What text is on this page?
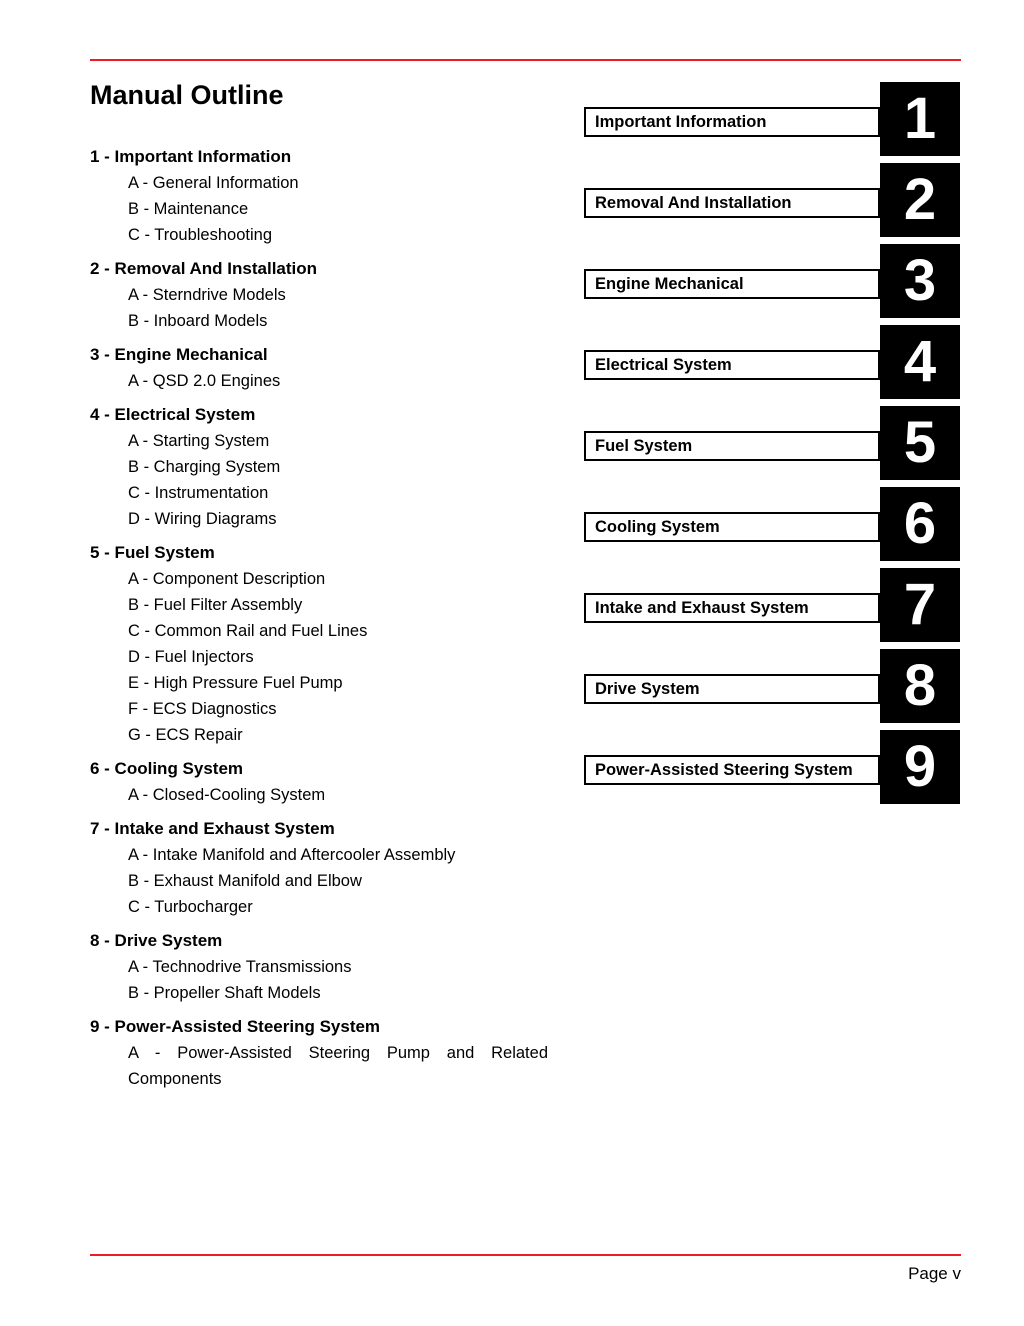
Manual Outline
1 - Important Information
A - General Information
B - Maintenance
C - Troubleshooting
2 - Removal And Installation
A - Sterndrive Models
B - Inboard Models
3 - Engine Mechanical
A - QSD 2.0 Engines
4 - Electrical System
A - Starting System
B - Charging System
C - Instrumentation
D - Wiring Diagrams
5 - Fuel System
A - Component Description
B - Fuel Filter Assembly
C - Common Rail and Fuel Lines
D - Fuel Injectors
E - High Pressure Fuel Pump
F - ECS Diagnostics
G - ECS Repair
6 - Cooling System
A - Closed-Cooling System
7 - Intake and Exhaust System
A - Intake Manifold and Aftercooler Assembly
B - Exhaust Manifold and Elbow
C - Turbocharger
8 - Drive System
A - Technodrive Transmissions
B - Propeller Shaft Models
9 - Power-Assisted Steering System
A - Power-Assisted Steering Pump and Related Components
1
Important Information
2
Removal And Installation
3
Engine Mechanical
4
Electrical System
5
Fuel System
6
Cooling System
7
Intake and Exhaust System
8
Drive System
9
Power-Assisted Steering System
Page v
